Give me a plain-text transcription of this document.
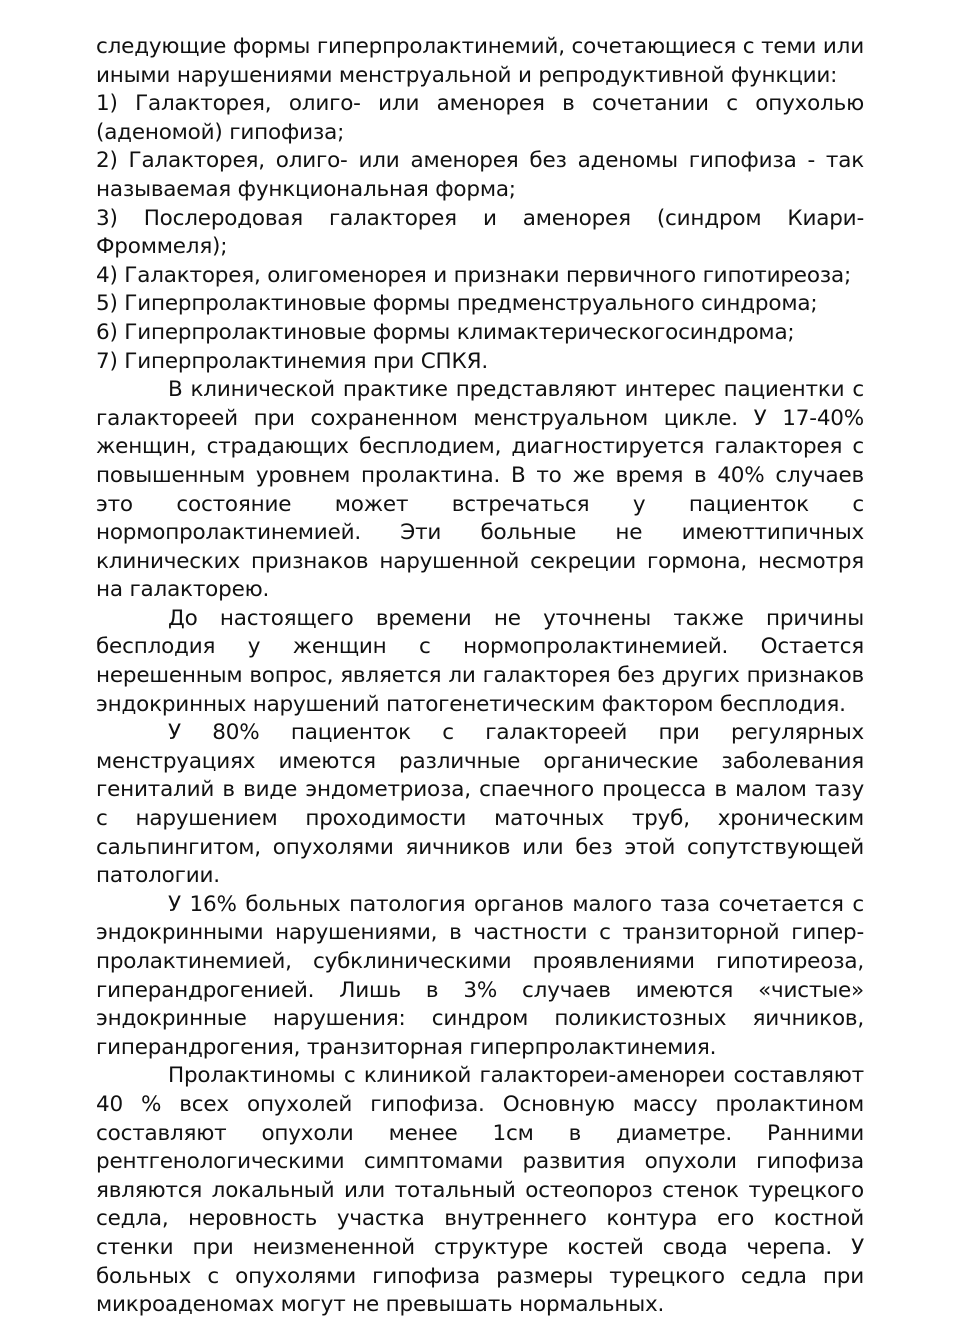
следующие формы гиперпролактинемий, сочетающиеся с теми или иными нарушениями менструальной и репродуктивной функции:

1) Галакторея, олиго- или аменорея в сочетании с опухолью (аденомой) гипофиза;

2) Галакторея, олиго- или аменорея без аденомы гипофиза - так называемая функциональная форма;

3) Послеродовая галакторея и аменорея (синдром Киари-Фроммеля);

4) Галакторея, олигоменорея и признаки первичного гипотиреоза;

5) Гиперпролактиновые формы предменструального синдрома;

6) Гиперпролактиновые формы климактерическогосиндрома;

7) Гиперпролактинемия при СПКЯ.

В клинической практике представляют интерес пациентки с галактореей при сохраненном менструальном цикле. У 17-40% женщин, страдающих бесплодием, диагностируется галакторея с повышенным уровнем пролактина. В то же время в 40% случаев это состояние может встречаться у пациенток с нормопролактинемией. Эти больные не имеюттипичных клинических признаков нарушенной секреции гормона, несмотря на галакторею.

До настоящего времени не уточнены также причины бесплодия у женщин с нормопролактинемией. Остается нерешенным вопрос, является ли галакторея без других признаков эндокринных нарушений патогенетическим фактором бесплодия.

У 80% пациенток с галактореей при регулярных менструациях имеются различные органические заболевания гениталий в виде эндометриоза, спаечного процесса в малом тазу с нарушением проходимости маточных труб, хроническим сальпингитом, опухолями яичников или без этой сопутствующей патологии.

У 16% больных патология органов малого таза сочетается с эндокринными нарушениями, в частности с транзиторной гипер-пролактинемией, субклиническими проявлениями гипотиреоза, гиперандрогенией. Лишь в 3% случаев имеются «чистые» эндокринные нарушения: синдром поликистозных яичников, гиперандрогения, транзиторная гиперпролактинемия.

Пролактиномы с клиникой галактореи-аменореи составляют 40 % всех опухолей гипофиза. Основную массу пролактином составляют опухоли менее 1см в диаметре. Ранними рентгенологическими симптомами развития опухоли гипофиза являются локальный или тотальный остеопороз стенок турецкого седла, неровность участка внутреннего контура его костной стенки при неизмененной структуре костей свода черепа. У больных с опухолями гипофиза размеры турецкого седла при микроаденомах могут не превышать нормальных.
